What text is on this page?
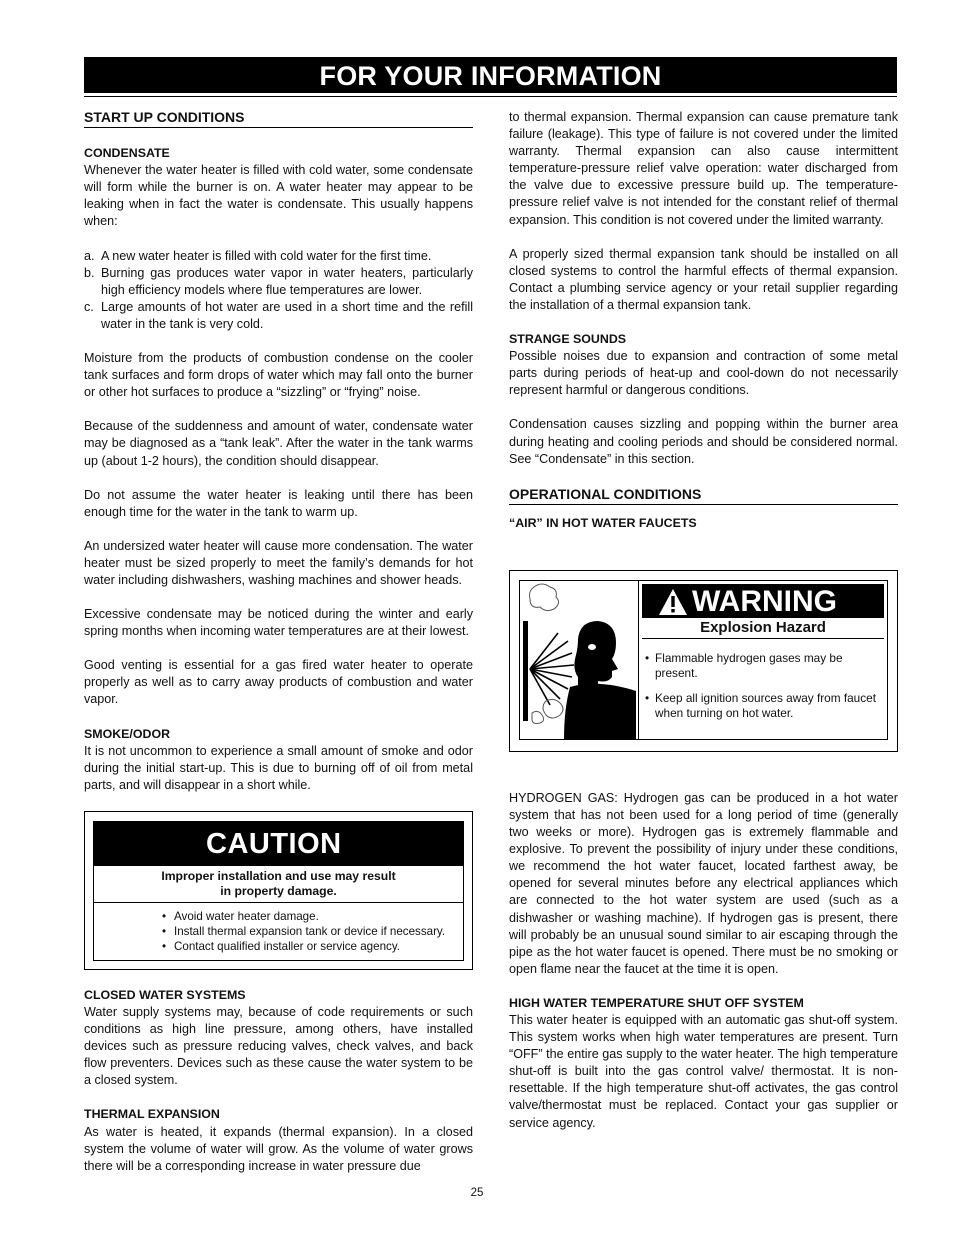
FOR YOUR INFORMATION
START UP CONDITIONS
CONDENSATE

Whenever the water heater is filled with cold water, some condensate will form while the burner is on. A water heater may appear to be leaking when in fact the water is condensate. This usually happens when:

a. A new water heater is filled with cold water for the first time.
b. Burning gas produces water vapor in water heaters, particularly high efficiency models where flue temperatures are lower.
c. Large amounts of hot water are used in a short time and the refill water in the tank is very cold.

Moisture from the products of combustion condense on the cooler tank surfaces and form drops of water which may fall onto the burner or other hot surfaces to produce a “sizzling” or “frying” noise.

Because of the suddenness and amount of water, condensate water may be diagnosed as a “tank leak”. After the water in the tank warms up (about 1-2 hours), the condition should disappear.

Do not assume the water heater is leaking until there has been enough time for the water in the tank to warm up.

An undersized water heater will cause more condensation. The water heater must be sized properly to meet the family’s demands for hot water including dishwashers, washing machines and shower heads.

Excessive condensate may be noticed during the winter and early spring months when incoming water temperatures are at their lowest.

Good venting is essential for a gas fired water heater to operate properly as well as to carry away products of combustion and water vapor.

SMOKE/ODOR

It is not uncommon to experience a small amount of smoke and odor during the initial start-up. This is due to burning off of oil from metal parts, and will disappear in a short while.

CAUTION
Improper installation and use may result
in property damage.
• Avoid water heater damage.
• Install thermal expansion tank or device if necessary.
• Contact qualified installer or service agency.
CLOSED WATER SYSTEMS

Water supply systems may, because of code requirements or such conditions as high line pressure, among others, have installed devices such as pressure reducing valves, check valves, and back flow preventers. Devices such as these cause the water system to be a closed system.

THERMAL EXPANSION

As water is heated, it expands (thermal expansion). In a closed system the volume of water will grow. As the volume of water grows there will be a corresponding increase in water pressure due

to thermal expansion. Thermal expansion can cause premature tank failure (leakage). This type of failure is not covered under the limited warranty. Thermal expansion can also cause intermittent temperature-pressure relief valve operation: water discharged from the valve due to excessive pressure build up. The temperature-pressure relief valve is not intended for the constant relief of thermal expansion. This condition is not covered under the limited warranty.

A properly sized thermal expansion tank should be installed on all closed systems to control the harmful effects of thermal expansion. Contact a plumbing service agency or your retail supplier regarding the installation of a thermal expansion tank.

STRANGE SOUNDS

Possible noises due to expansion and contraction of some metal parts during periods of heat-up and cool-down do not necessarily represent harmful or dangerous conditions.

Condensation causes sizzling and popping within the burner area during heating and cooling periods and should be considered normal. See “Condensate” in this section.

OPERATIONAL CONDITIONS
“AIR” IN HOT WATER FAUCETS
WARNING
Explosion Hazard
• Flammable hydrogen gases may be present.
• Keep all ignition sources away from faucet when turning on hot water.

HYDROGEN GAS: Hydrogen gas can be produced in a hot water system that has not been used for a long period of time (generally two weeks or more). Hydrogen gas is extremely flammable and explosive. To prevent the possibility of injury under these conditions, we recommend the hot water faucet, located farthest away, be opened for several minutes before any electrical appliances which are connected to the hot water system are used (such as a dishwasher or washing machine). If hydrogen gas is present, there will probably be an unusual sound similar to air escaping through the pipe as the hot water faucet is opened. There must be no smoking or open flame near the faucet at the time it is open.

HIGH WATER TEMPERATURE SHUT OFF SYSTEM

This water heater is equipped with an automatic gas shut-off system. This system works when high water temperatures are present. Turn “OFF” the entire gas supply to the water heater. The high temperature shut-off is built into the gas control valve/ thermostat. It is non-resettable. If the high temperature shut-off activates, the gas control valve/thermostat must be replaced. Contact your gas supplier or service agency.

25
